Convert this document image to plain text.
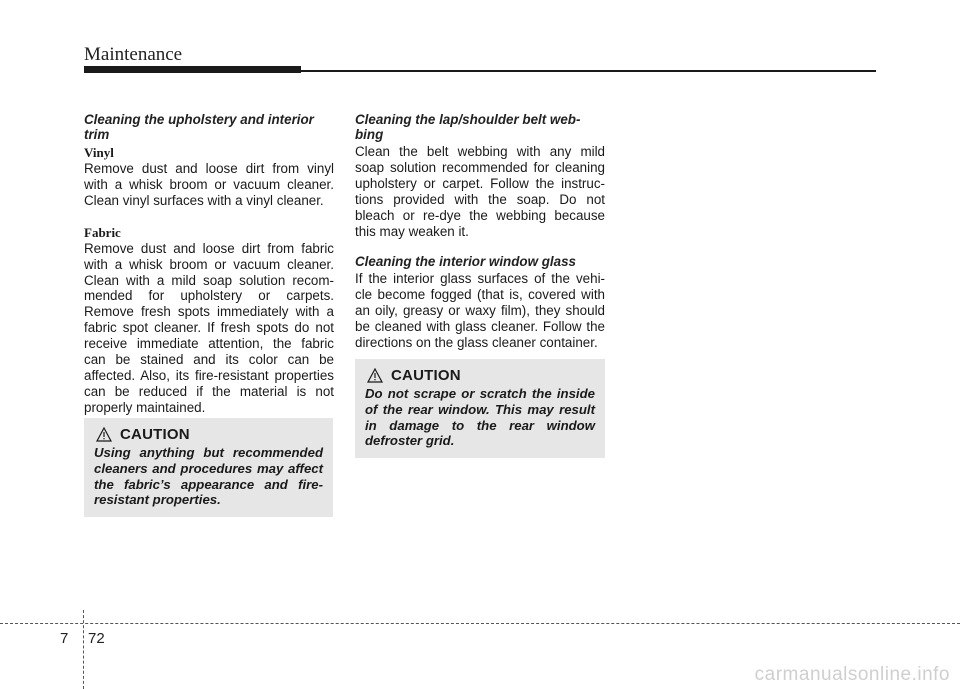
Maintenance
Cleaning the upholstery and interior
trim
Vinyl

Remove dust and loose dirt from vinyl with a whisk broom or vacuum cleaner. Clean vinyl surfaces with a vinyl cleaner.

Fabric

Remove dust and loose dirt from fabric with a whisk broom or vacuum cleaner. Clean with a mild soap solution recom-mended for upholstery or carpets. Remove fresh spots immediately with a fabric spot cleaner. If fresh spots do not receive immediate attention, the fabric can be stained and its color can be affected. Also, its fire-resistant properties can be reduced if the material is not properly maintained.

CAUTION

Using anything but recommended cleaners and procedures may affect the fabric’s appearance and fire-resistant properties.

Cleaning the lap/shoulder belt web-
bing

Clean the belt webbing with any mild soap solution recommended for cleaning upholstery or carpet. Follow the instruc-tions provided with the soap. Do not bleach or re-dye the webbing because this may weaken it.

Cleaning the interior window glass

If the interior glass surfaces of the vehi-cle become fogged (that is, covered with an oily, greasy or waxy film), they should be cleaned with glass cleaner. Follow the directions on the glass cleaner container.

CAUTION

Do not scrape or scratch the inside of the rear window. This may result in damage to the rear window defroster grid.

7 72
carmanualsonline.info
